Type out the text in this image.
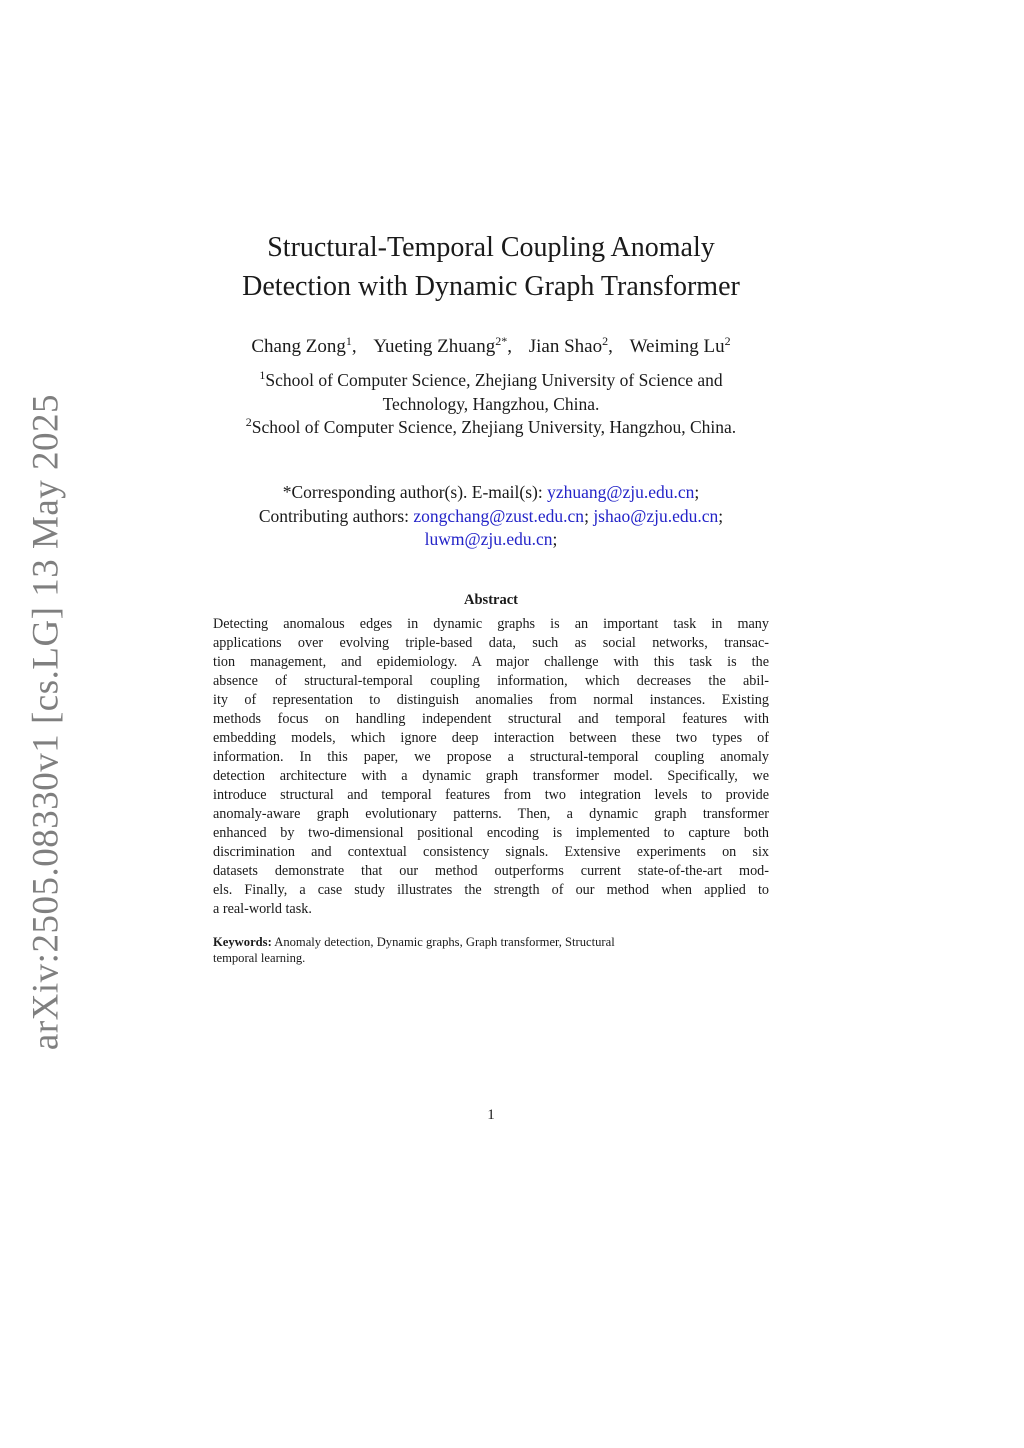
arXiv:2505.08330v1 [cs.LG] 13 May 2025
Structural-Temporal Coupling Anomaly
Detection with Dynamic Graph Transformer
Chang Zong$^1$, Yueting Zhuang$^{2*}$, Jian Shao$^2$, Weiming Lu$^2$
$^1$School of Computer Science, Zhejiang University of Science and
Technology, Hangzhou, China.
$^2$School of Computer Science, Zhejiang University, Hangzhou, China.
*Corresponding author(s). E-mail(s): yzhuang@zju.edu.cn;
Contributing authors: zongchang@zust.edu.cn; jshao@zju.edu.cn;
luwm@zju.edu.cn;
Abstract
Detecting anomalous edges in dynamic graphs is an important task in many
applications over evolving triple-based data, such as social networks, transac-
tion management, and epidemiology. A major challenge with this task is the
absence of structural-temporal coupling information, which decreases the abil-
ity of representation to distinguish anomalies from normal instances. Existing
methods focus on handling independent structural and temporal features with
embedding models, which ignore deep interaction between these two types of
information. In this paper, we propose a structural-temporal coupling anomaly
detection architecture with a dynamic graph transformer model. Specifically, we
introduce structural and temporal features from two integration levels to provide
anomaly-aware graph evolutionary patterns. Then, a dynamic graph transformer
enhanced by two-dimensional positional encoding is implemented to capture both
discrimination and contextual consistency signals. Extensive experiments on six
datasets demonstrate that our method outperforms current state-of-the-art mod-
els. Finally, a case study illustrates the strength of our method when applied to
a real-world task.
Keywords: Anomaly detection, Dynamic graphs, Graph transformer, Structural
temporal learning.
1
